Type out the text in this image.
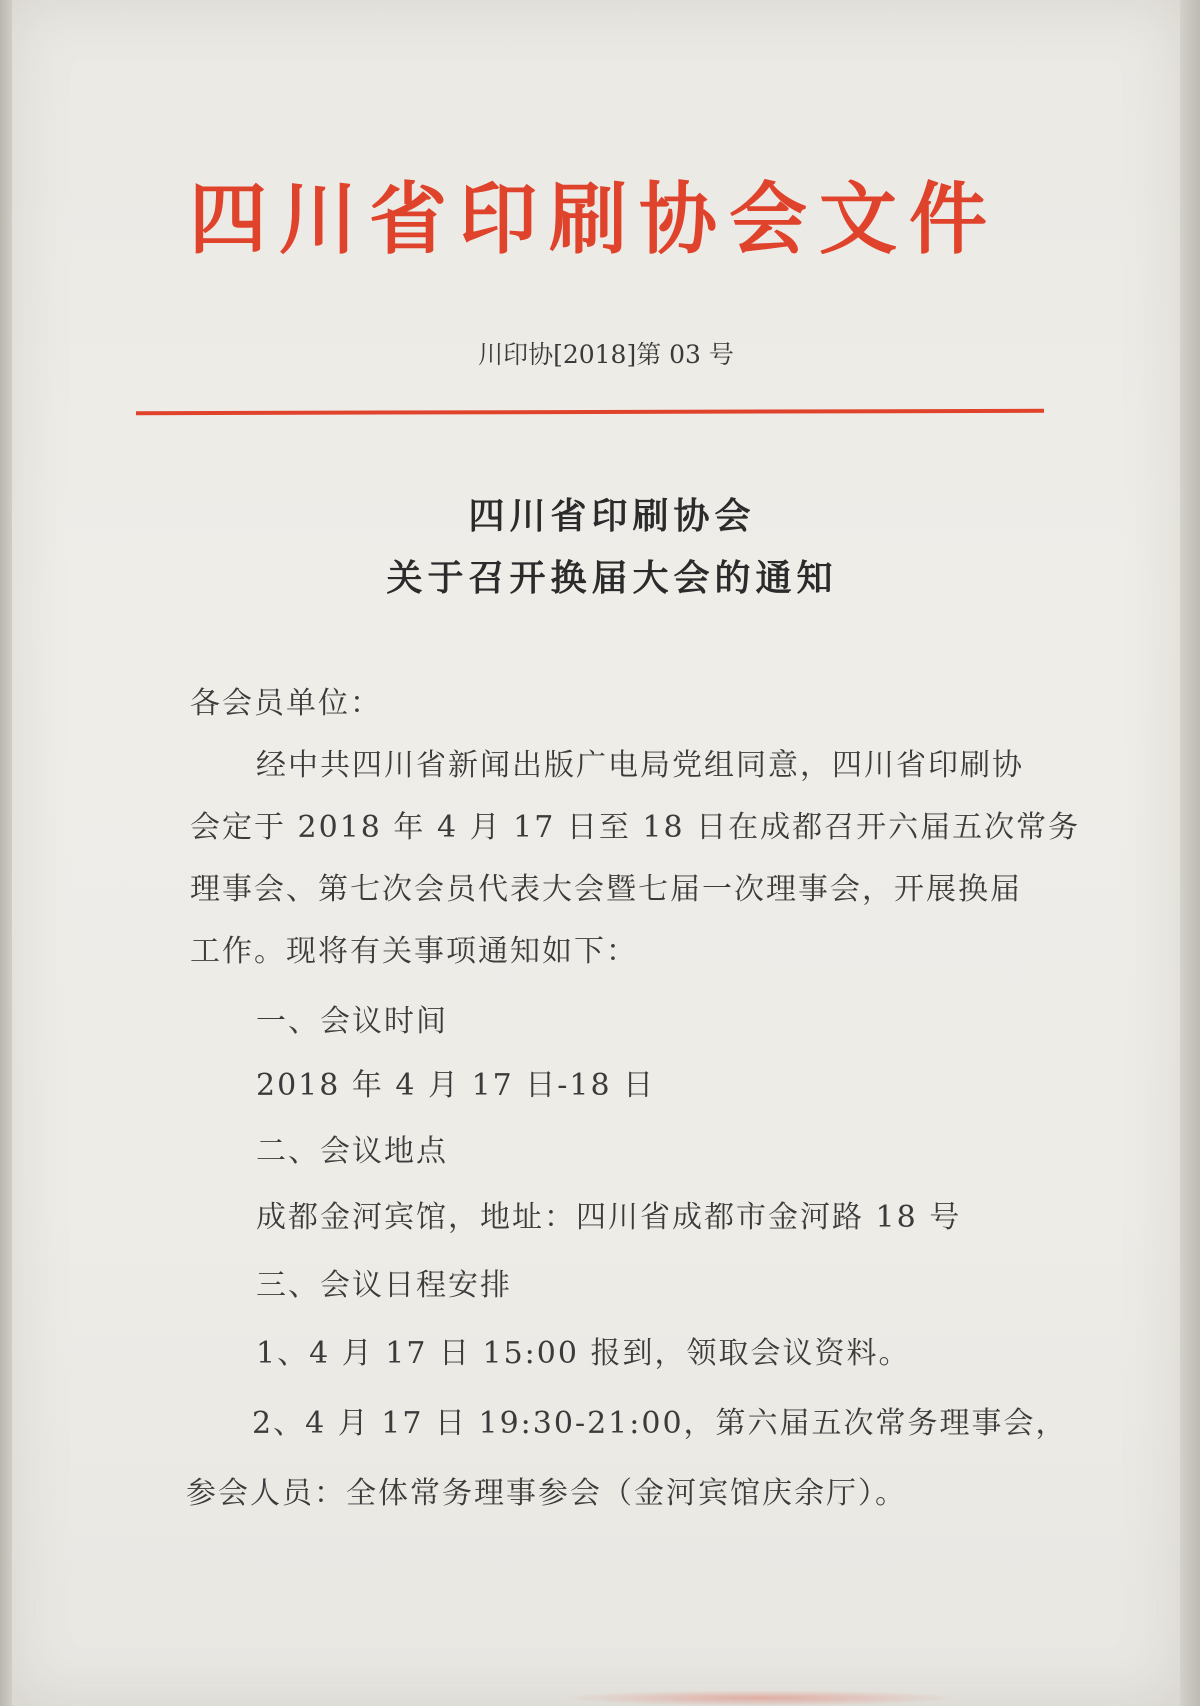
四川省印刷协会文件
川印协[2018]第 03 号
四川省印刷协会
关于召开换届大会的通知
各会员单位：
经中共四川省新闻出版广电局党组同意，四川省印刷协
会定于 2018 年 4 月 17 日至 18 日在成都召开六届五次常务
理事会、第七次会员代表大会暨七届一次理事会，开展换届
工作。现将有关事项通知如下：
一、会议时间
2018 年 4 月 17 日-18 日
二、会议地点
成都金河宾馆，地址：四川省成都市金河路 18 号
三、会议日程安排
1、4 月 17 日 15:00 报到，领取会议资料。
2、4 月 17 日 19:30-21:00，第六届五次常务理事会，
参会人员：全体常务理事参会（金河宾馆庆余厅）。
